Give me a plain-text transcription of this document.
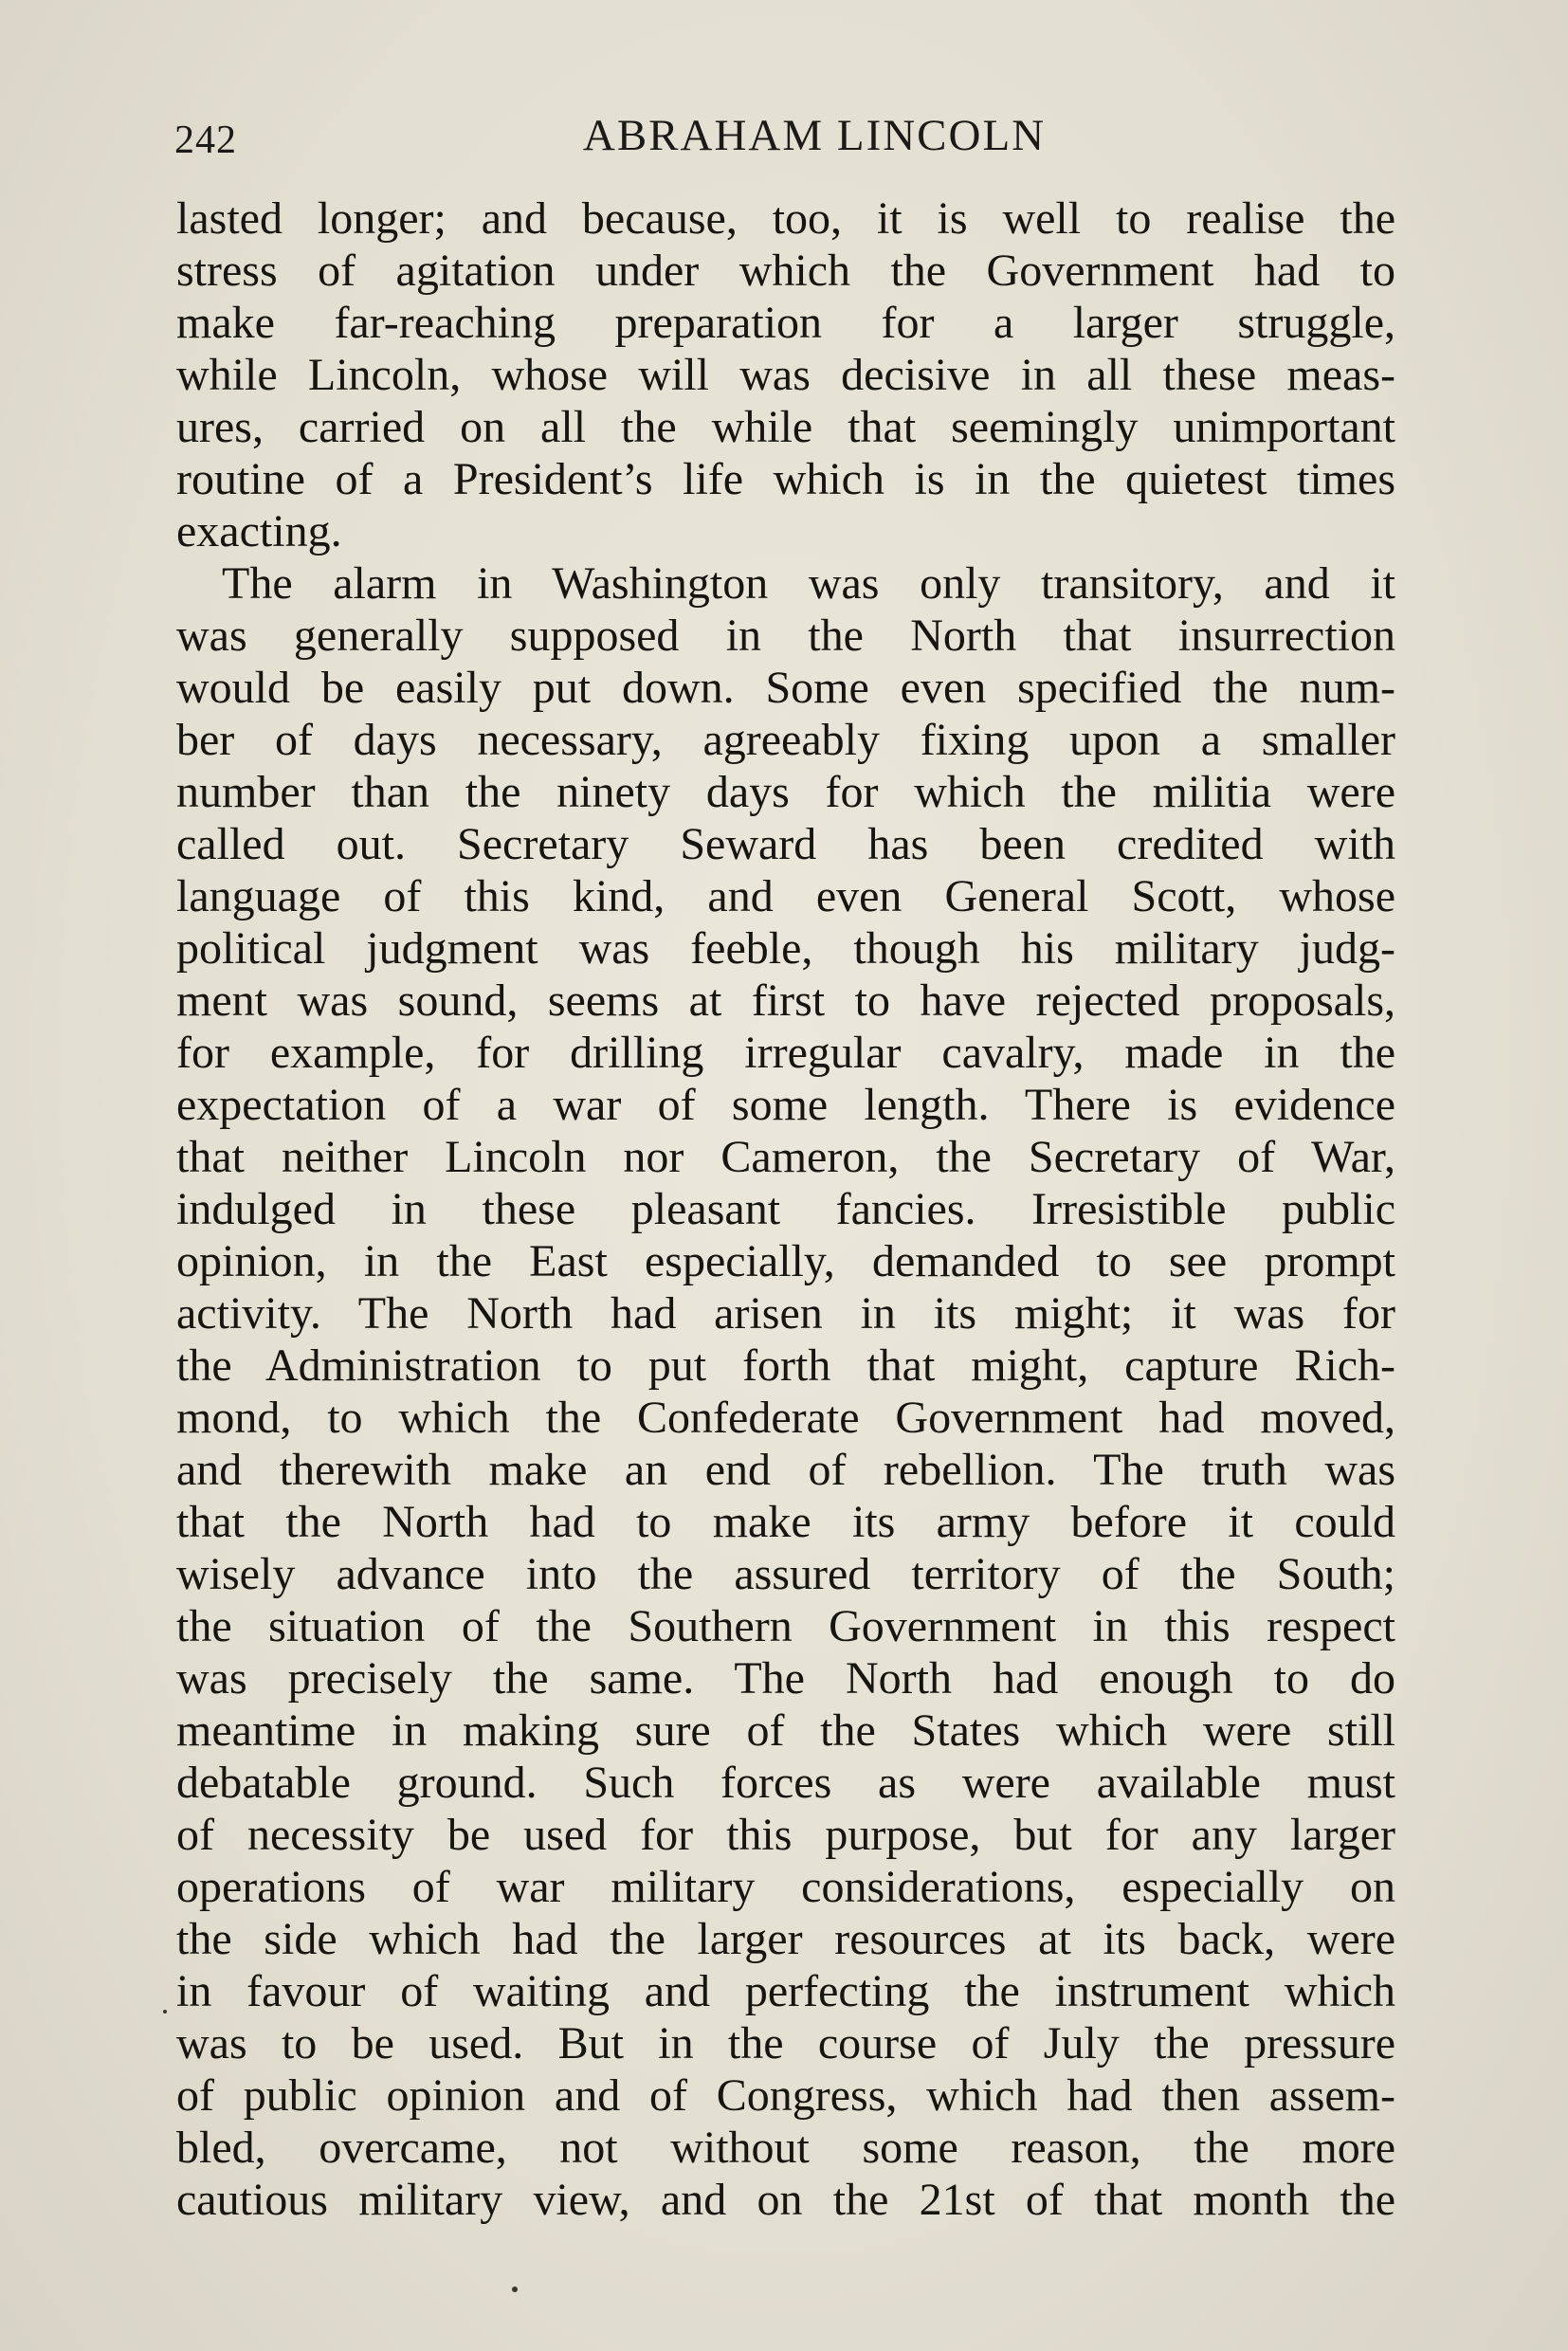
242	ABRAHAM LINCOLN
lasted longer; and because, too, it is well to realise the
stress of agitation under which the Government had to
make far-reaching preparation for a larger struggle,
while Lincoln, whose will was decisive in all these meas-
ures, carried on all the while that seemingly unimportant
routine of a President’s life which is in the quietest times
exacting.
The alarm in Washington was only transitory, and it
was generally supposed in the North that insurrection
would be easily put down. Some even specified the num-
ber of days necessary, agreeably fixing upon a smaller
number than the ninety days for which the militia were
called out. Secretary Seward has been credited with
language of this kind, and even General Scott, whose
political judgment was feeble, though his military judg-
ment was sound, seems at first to have rejected proposals,
for example, for drilling irregular cavalry, made in the
expectation of a war of some length. There is evidence
that neither Lincoln nor Cameron, the Secretary of War,
indulged in these pleasant fancies. Irresistible public
opinion, in the East especially, demanded to see prompt
activity. The North had arisen in its might; it was for
the Administration to put forth that might, capture Rich-
mond, to which the Confederate Government had moved,
and therewith make an end of rebellion. The truth was
that the North had to make its army before it could
wisely advance into the assured territory of the South;
the situation of the Southern Government in this respect
was precisely the same. The North had enough to do
meantime in making sure of the States which were still
debatable ground. Such forces as were available must
of necessity be used for this purpose, but for any larger
operations of war military considerations, especially on
the side which had the larger resources at its back, were
in favour of waiting and perfecting the instrument which
was to be used. But in the course of July the pressure
of public opinion and of Congress, which had then assem-
bled, overcame, not without some reason, the more
cautious military view, and on the 21st of that month the
